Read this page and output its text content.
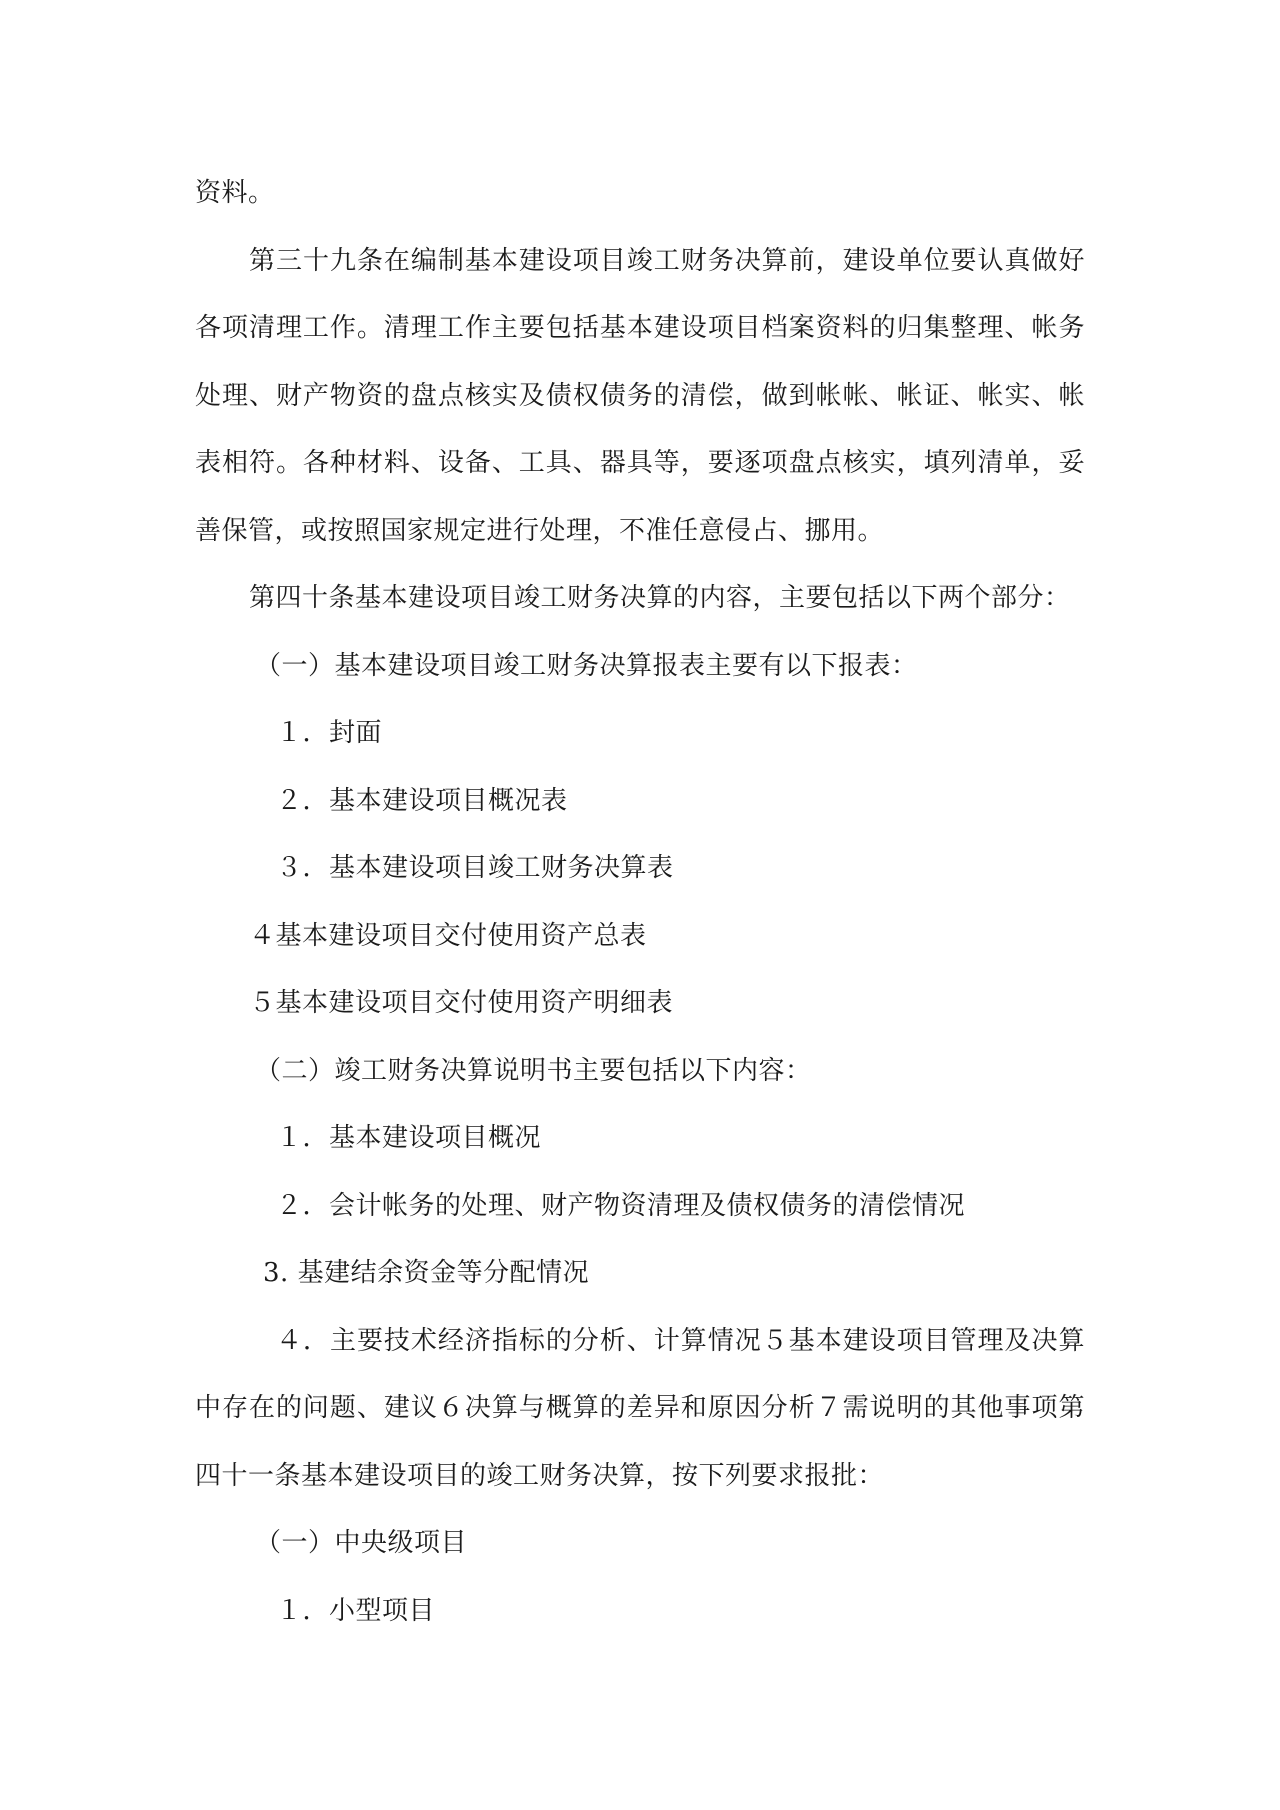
资料。

第三十九条在编制基本建设项目竣工财务决算前，建设单位要认真做好各项清理工作。清理工作主要包括基本建设项目档案资料的归集整理、帐务处理、财产物资的盘点核实及债权债务的清偿，做到帐帐、帐证、帐实、帐表相符。各种材料、设备、工具、器具等，要逐项盘点核实，填列清单，妥善保管，或按照国家规定进行处理，不准任意侵占、挪用。

第四十条基本建设项目竣工财务决算的内容，主要包括以下两个部分：

（一）基本建设项目竣工财务决算报表主要有以下报表：

１．封面

２．基本建设项目概况表

３．基本建设项目竣工财务决算表

４基本建设项目交付使用资产总表

５基本建设项目交付使用资产明细表

（二）竣工财务决算说明书主要包括以下内容：

１．基本建设项目概况

２．会计帐务的处理、财产物资清理及债权债务的清偿情况

3. 基建结余资金等分配情况

４．主要技术经济指标的分析、计算情况５基本建设项目管理及决算中存在的问题、建议６决算与概算的差异和原因分析７需说明的其他事项第四十一条基本建设项目的竣工财务决算，按下列要求报批：

（一）中央级项目

１．小型项目
